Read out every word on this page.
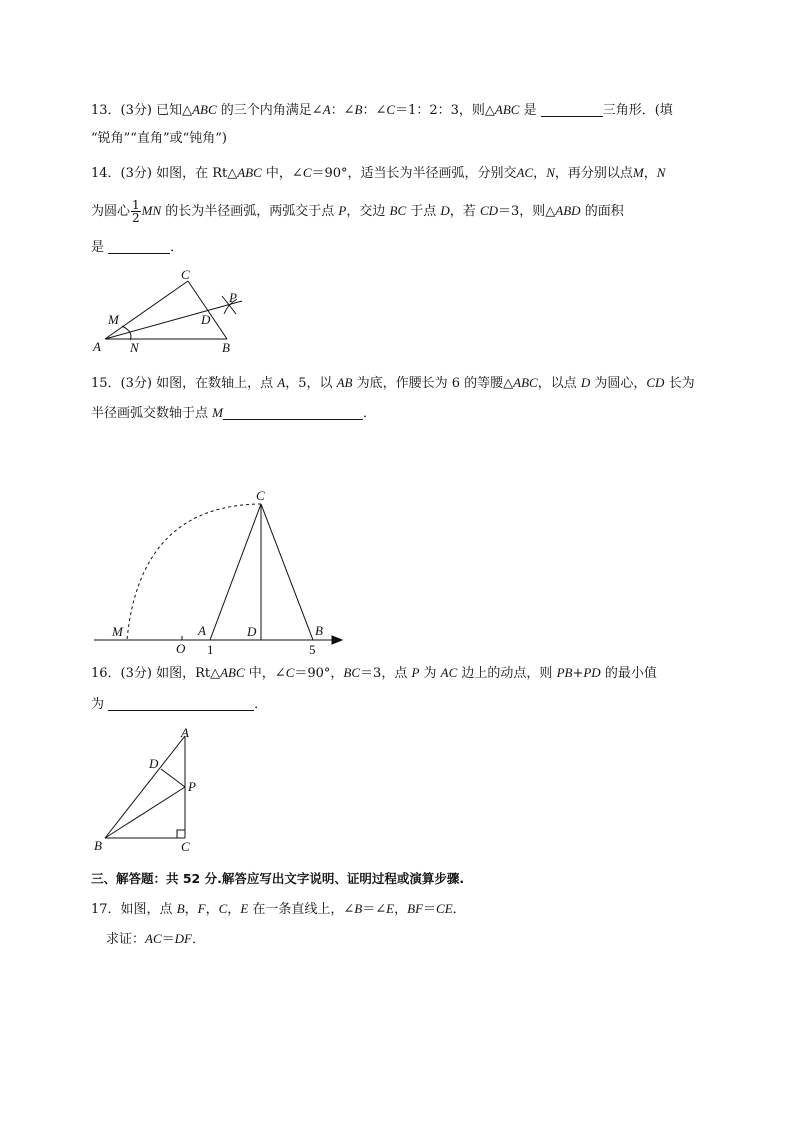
13．(3分) 已知△ABC 的三个内角满足∠A：∠B：∠C＝1：2：3，则△ABC 是	三角形．(填
“锐角”“直角”或“钝角”)
14．(3分) 如图，在 Rt△ABC 中，∠C＝90°，适当长为半径画弧，分别交AC，N，再分别以点M，N
为圆心 $\frac{1}{2}$ MN 的长为半径画弧，两弧交于点 P，交边 BC 于点 D，若 CD＝3，则△ABD 的面积
是	．
C
P
M	D
A N	B
15．(3分) 如图，在数轴上，点 A，5，以 AB 为底，作腰长为 6 的等腰△ABC，以点 D 为圆心，CD 长为
半径画弧交数轴于点 M	．
C
M	A	D	B
O 1	5
16．(3分) 如图，Rt△ABC 中，∠C＝90°，BC＝3，点 P 为 AC 边上的动点，则 PB+PD 的最小值
为	．
A
D
P
B	C
三、解答题：共 52 分.解答应写出文字说明、证明过程或演算步骤.
17．如图，点 B，F，C，E 在一条直线上，∠B＝∠E，BF＝CE．
求证：AC＝DF．
